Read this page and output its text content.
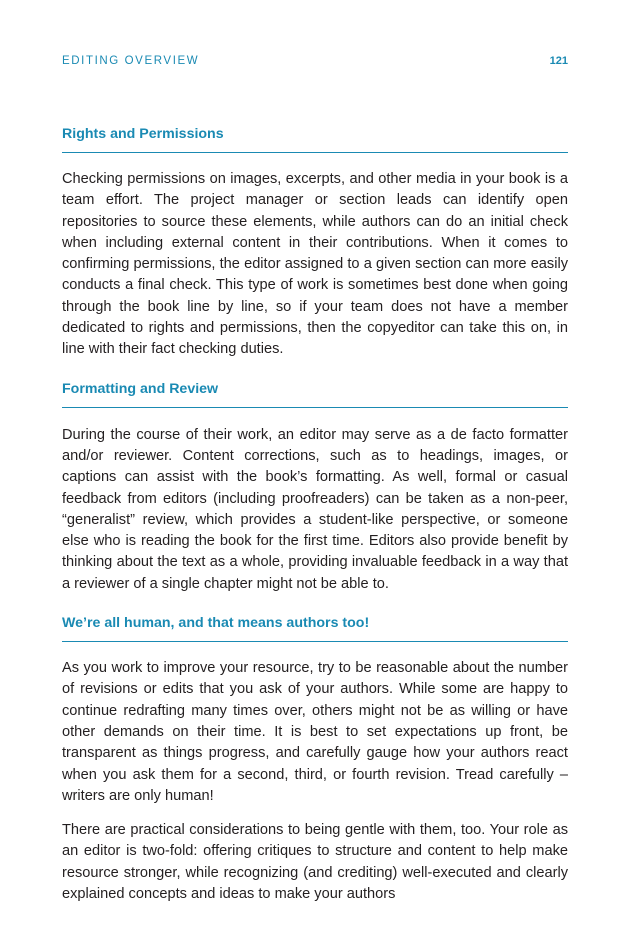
EDITING OVERVIEW	121
Rights and Permissions

Checking permissions on images, excerpts, and other media in your book is a team effort. The project manager or section leads can identify open repositories to source these elements, while authors can do an initial check when including external content in their contributions. When it comes to confirming permissions, the editor assigned to a given section can more easily conducts a final check. This type of work is sometimes best done when going through the book line by line, so if your team does not have a member dedicated to rights and permissions, then the copyeditor can take this on, in line with their fact checking duties.

Formatting and Review

During the course of their work, an editor may serve as a de facto formatter and/or reviewer. Content corrections, such as to headings, images, or captions can assist with the book’s formatting. As well, formal or casual feedback from editors (including proofreaders) can be taken as a non-peer, “generalist” review, which provides a student-like perspective, or someone else who is reading the book for the first time. Editors also provide benefit by thinking about the text as a whole, providing invaluable feedback in a way that a reviewer of a single chapter might not be able to.

We’re all human, and that means authors too!

As you work to improve your resource, try to be reasonable about the number of revisions or edits that you ask of your authors. While some are happy to continue redrafting many times over, others might not be as willing or have other demands on their time. It is best to set expectations up front, be transparent as things progress, and carefully gauge how your authors react when you ask them for a second, third, or fourth revision. Tread carefully – writers are only human!

There are practical considerations to being gentle with them, too. Your role as an editor is two-fold: offering critiques to structure and content to help make resource stronger, while recognizing (and crediting) well-executed and clearly explained concepts and ideas to make your authors
